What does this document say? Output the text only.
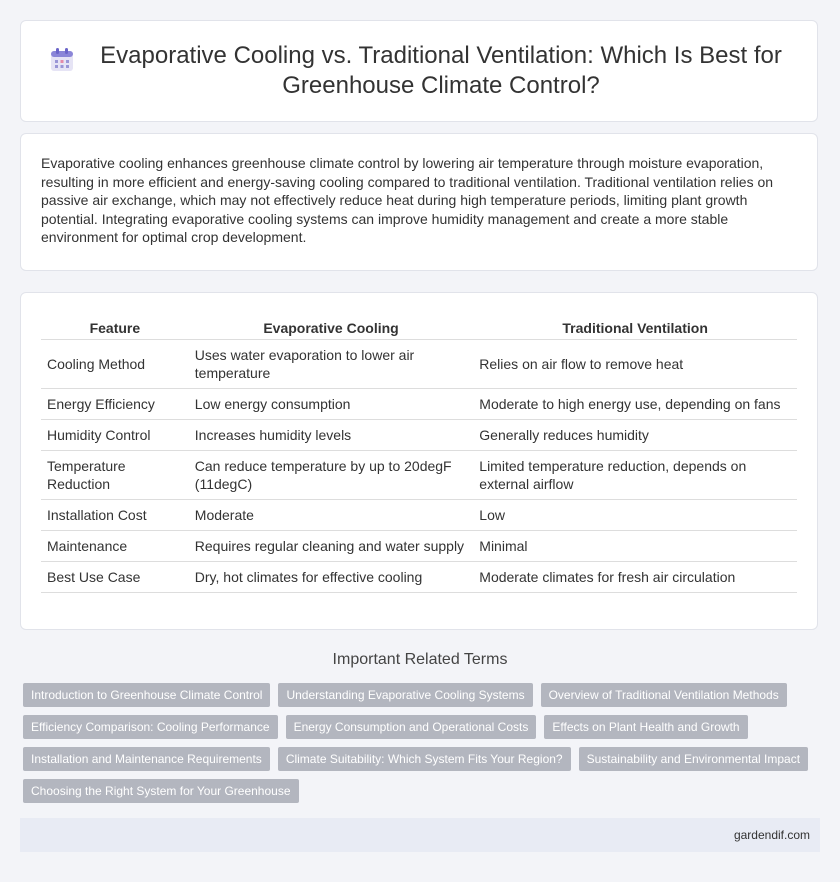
Evaporative Cooling vs. Traditional Ventilation: Which Is Best for Greenhouse Climate Control?

Evaporative cooling enhances greenhouse climate control by lowering air temperature through moisture evaporation, resulting in more efficient and energy-saving cooling compared to traditional ventilation. Traditional ventilation relies on passive air exchange, which may not effectively reduce heat during high temperature periods, limiting plant growth potential. Integrating evaporative cooling systems can improve humidity management and create a more stable environment for optimal crop development.

Feature	Evaporative Cooling	Traditional Ventilation
Cooling Method	Uses water evaporation to lower air temperature	Relies on air flow to remove heat
Energy Efficiency	Low energy consumption	Moderate to high energy use, depending on fans
Humidity Control	Increases humidity levels	Generally reduces humidity
Temperature Reduction	Can reduce temperature by up to 20degF (11degC)	Limited temperature reduction, depends on external airflow
Installation Cost	Moderate	Low
Maintenance	Requires regular cleaning and water supply	Minimal
Best Use Case	Dry, hot climates for effective cooling	Moderate climates for fresh air circulation
Important Related Terms
Introduction to Greenhouse Climate Control	Understanding Evaporative Cooling Systems	Overview of Traditional Ventilation Methods
Efficiency Comparison: Cooling Performance	Energy Consumption and Operational Costs	Effects on Plant Health and Growth
Installation and Maintenance Requirements	Climate Suitability: Which System Fits Your Region?	Sustainability and Environmental Impact
Choosing the Right System for Your Greenhouse
gardendif.com
